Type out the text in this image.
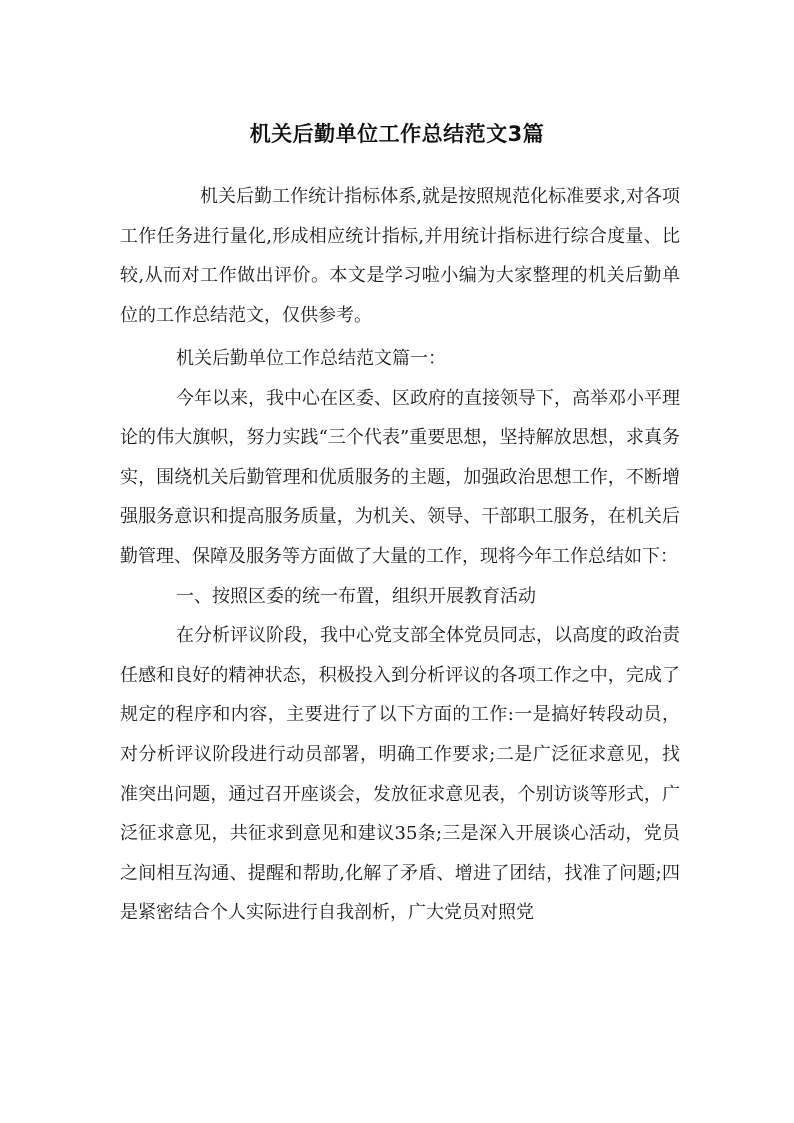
机关后勤单位工作总结范文3篇
机关后勤工作统计指标体系,就是按照规范化标准要求,对各项工作任务进行量化,形成相应统计指标,并用统计指标进行综合度量、比较,从而对工作做出评价。本文是学习啦小编为大家整理的机关后勤单位的工作总结范文，仅供参考。

机关后勤单位工作总结范文篇一：

今年以来，我中心在区委、区政府的直接领导下，高举邓小平理论的伟大旗帜，努力实践“三个代表”重要思想，坚持解放思想，求真务实，围绕机关后勤管理和优质服务的主题，加强政治思想工作，不断增强服务意识和提高服务质量，为机关、领导、干部职工服务，在机关后勤管理、保障及服务等方面做了大量的工作，现将今年工作总结如下：

一、按照区委的统一布置，组织开展教育活动

在分析评议阶段，我中心党支部全体党员同志，以高度的政治责任感和良好的精神状态，积极投入到分析评议的各项工作之中，完成了规定的程序和内容，主要进行了以下方面的工作:一是搞好转段动员，对分析评议阶段进行动员部署，明确工作要求;二是广泛征求意见，找准突出问题，通过召开座谈会，发放征求意见表，个别访谈等形式，广泛征求意见，共征求到意见和建议35条;三是深入开展谈心活动，党员之间相互沟通、提醒和帮助,化解了矛盾、增进了团结，找准了问题;四是紧密结合个人实际进行自我剖析，广大党员对照党
